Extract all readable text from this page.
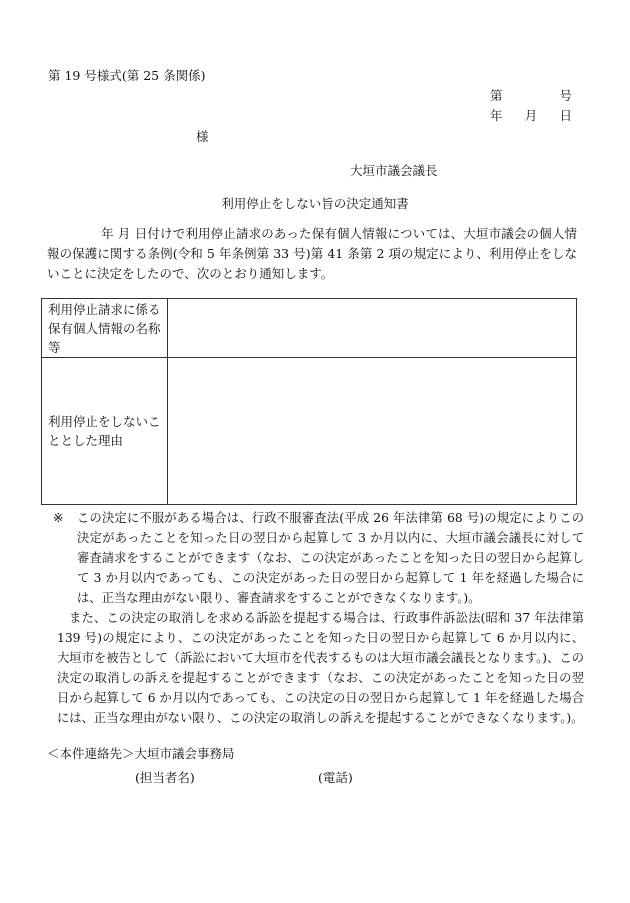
第 19 号様式(第 25 条関係)
第	号
年 月 日
様
大垣市議会議長
利用停止をしない旨の決定通知書
年 月 日付けで利用停止請求のあった保有個人情報については、大垣市議会の個人情報の保護に関する条例(令和 5 年条例第 33 号)第 41 条第 2 項の規定により、利用停止をしないことに決定をしたので、次のとおり通知します。
利用停止請求に係る保有個人情報の名称等	
利用停止をしないこととした理由	
※	この決定に不服がある場合は、行政不服審査法(平成 26 年法律第 68 号)の規定によりこの決定があったことを知った日の翌日から起算して 3 か月以内に、大垣市議会議長に対して審査請求をすることができます（なお、この決定があったことを知った日の翌日から起算して 3 か月以内であっても、この決定があった日の翌日から起算して 1 年を経過した場合には、正当な理由がない限り、審査請求をすることができなくなります。)。

また、この決定の取消しを求める訴訟を提起する場合は、行政事件訴訟法(昭和 37 年法律第 139 号)の規定により、この決定があったことを知った日の翌日から起算して 6 か月以内に、大垣市を被告として（訴訟において大垣市を代表するものは大垣市議会議長となります。)、この決定の取消しの訴えを提起することができます（なお、この決定があったことを知った日の翌日から起算して 6 か月以内であっても、この決定の日の翌日から起算して 1 年を経過した場合には、正当な理由がない限り、この決定の取消しの訴えを提起することができなくなります。)。

＜本件連絡先＞大垣市議会事務局
(担当者名)	(電話)
